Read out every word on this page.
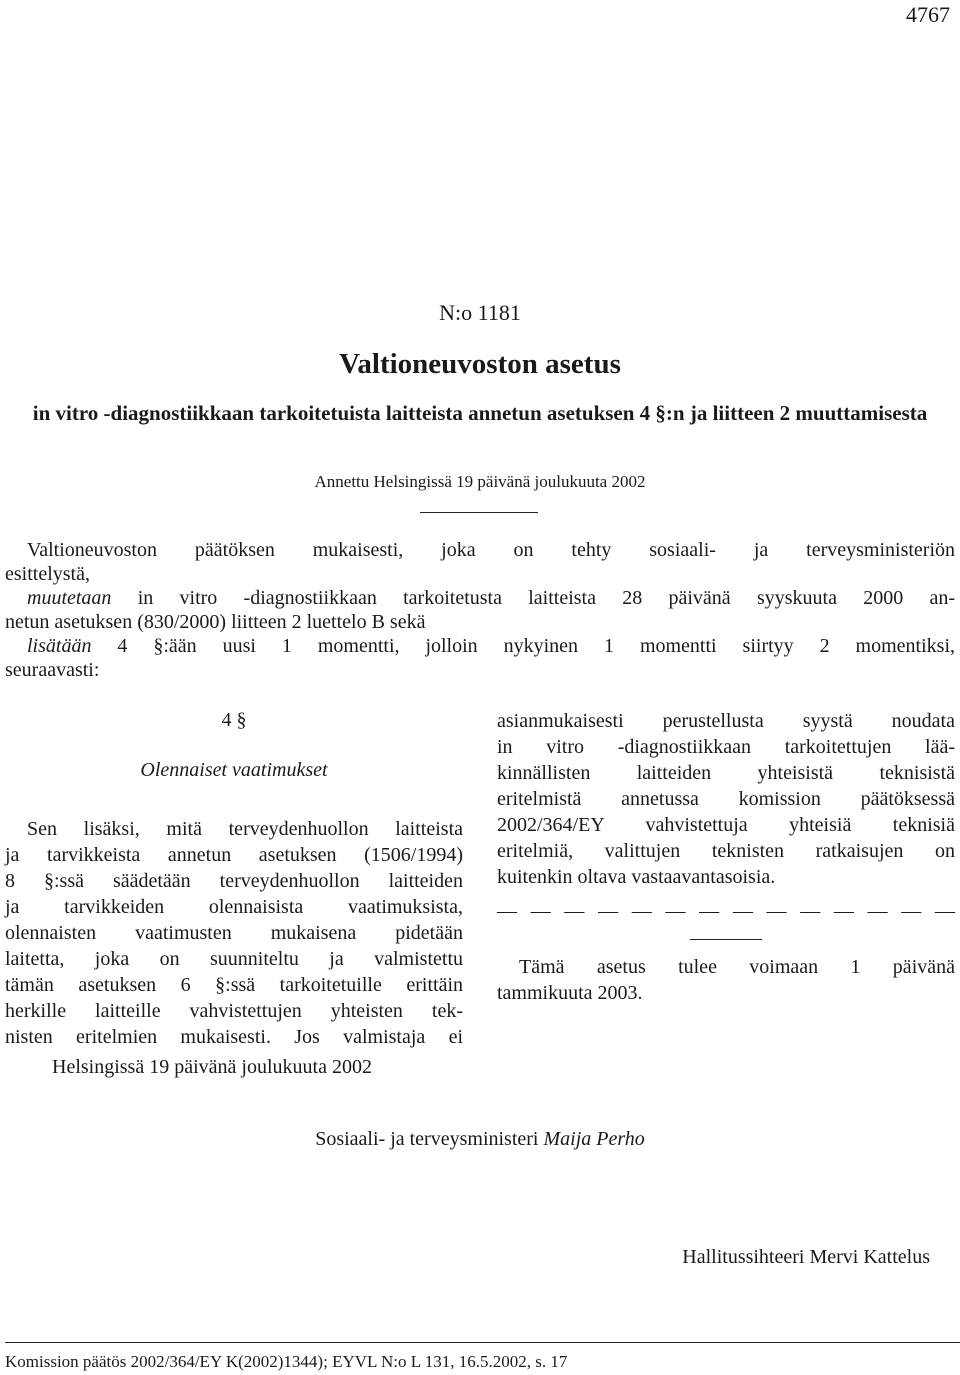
4767
N:o 1181
Valtioneuvoston asetus
in vitro -diagnostiikkaan tarkoitetuista laitteista annetun asetuksen 4 §:n ja liitteen 2 muuttamisesta
Annettu Helsingissä 19 päivänä joulukuuta 2002

Valtioneuvoston päätöksen mukaisesti, joka on tehty sosiaali- ja terveysministeriön

esittelystä,

muutetaan in vitro -diagnostiikkaan tarkoitetusta laitteista 28 päivänä syyskuuta 2000 an-

netun asetuksen (830/2000) liitteen 2 luettelo B sekä

lisätään 4 §:ään uusi 1 momentti, jolloin nykyinen 1 momentti siirtyy 2 momentiksi,

seuraavasti:

4 §

Olennaiset vaatimukset

Sen lisäksi, mitä terveydenhuollon laitteista
ja tarvikkeista annetun asetuksen (1506/1994)
8 §:ssä säädetään terveydenhuollon laitteiden
ja tarvikkeiden olennaisista vaatimuksista,
olennaisten vaatimusten mukaisena pidetään
laitetta, joka on suunniteltu ja valmistettu
tämän asetuksen 6 §:ssä tarkoitetuille erittäin
herkille laitteille vahvistettujen yhteisten tek-
nisten eritelmien mukaisesti. Jos valmistaja ei
asianmukaisesti perustellusta syystä noudata
in vitro -diagnostiikkaan tarkoitettujen lää-
kinnällisten laitteiden yhteisistä teknisistä
eritelmistä annetussa komission päätöksessä
2002/364/EY vahvistettuja yhteisiä teknisiä
eritelmiä, valittujen teknisten ratkaisujen on
kuitenkin oltava vastaavantasoisia.
— — — — — — — — — — — — — —
Tämä asetus tulee voimaan 1 päivänä
tammikuuta 2003.
Helsingissä 19 päivänä joulukuuta 2002
Sosiaali- ja terveysministeri Maija Perho
Hallitussihteeri Mervi Kattelus
Komission päätös 2002/364/EY K(2002)1344); EYVL N:o L 131, 16.5.2002, s. 17
